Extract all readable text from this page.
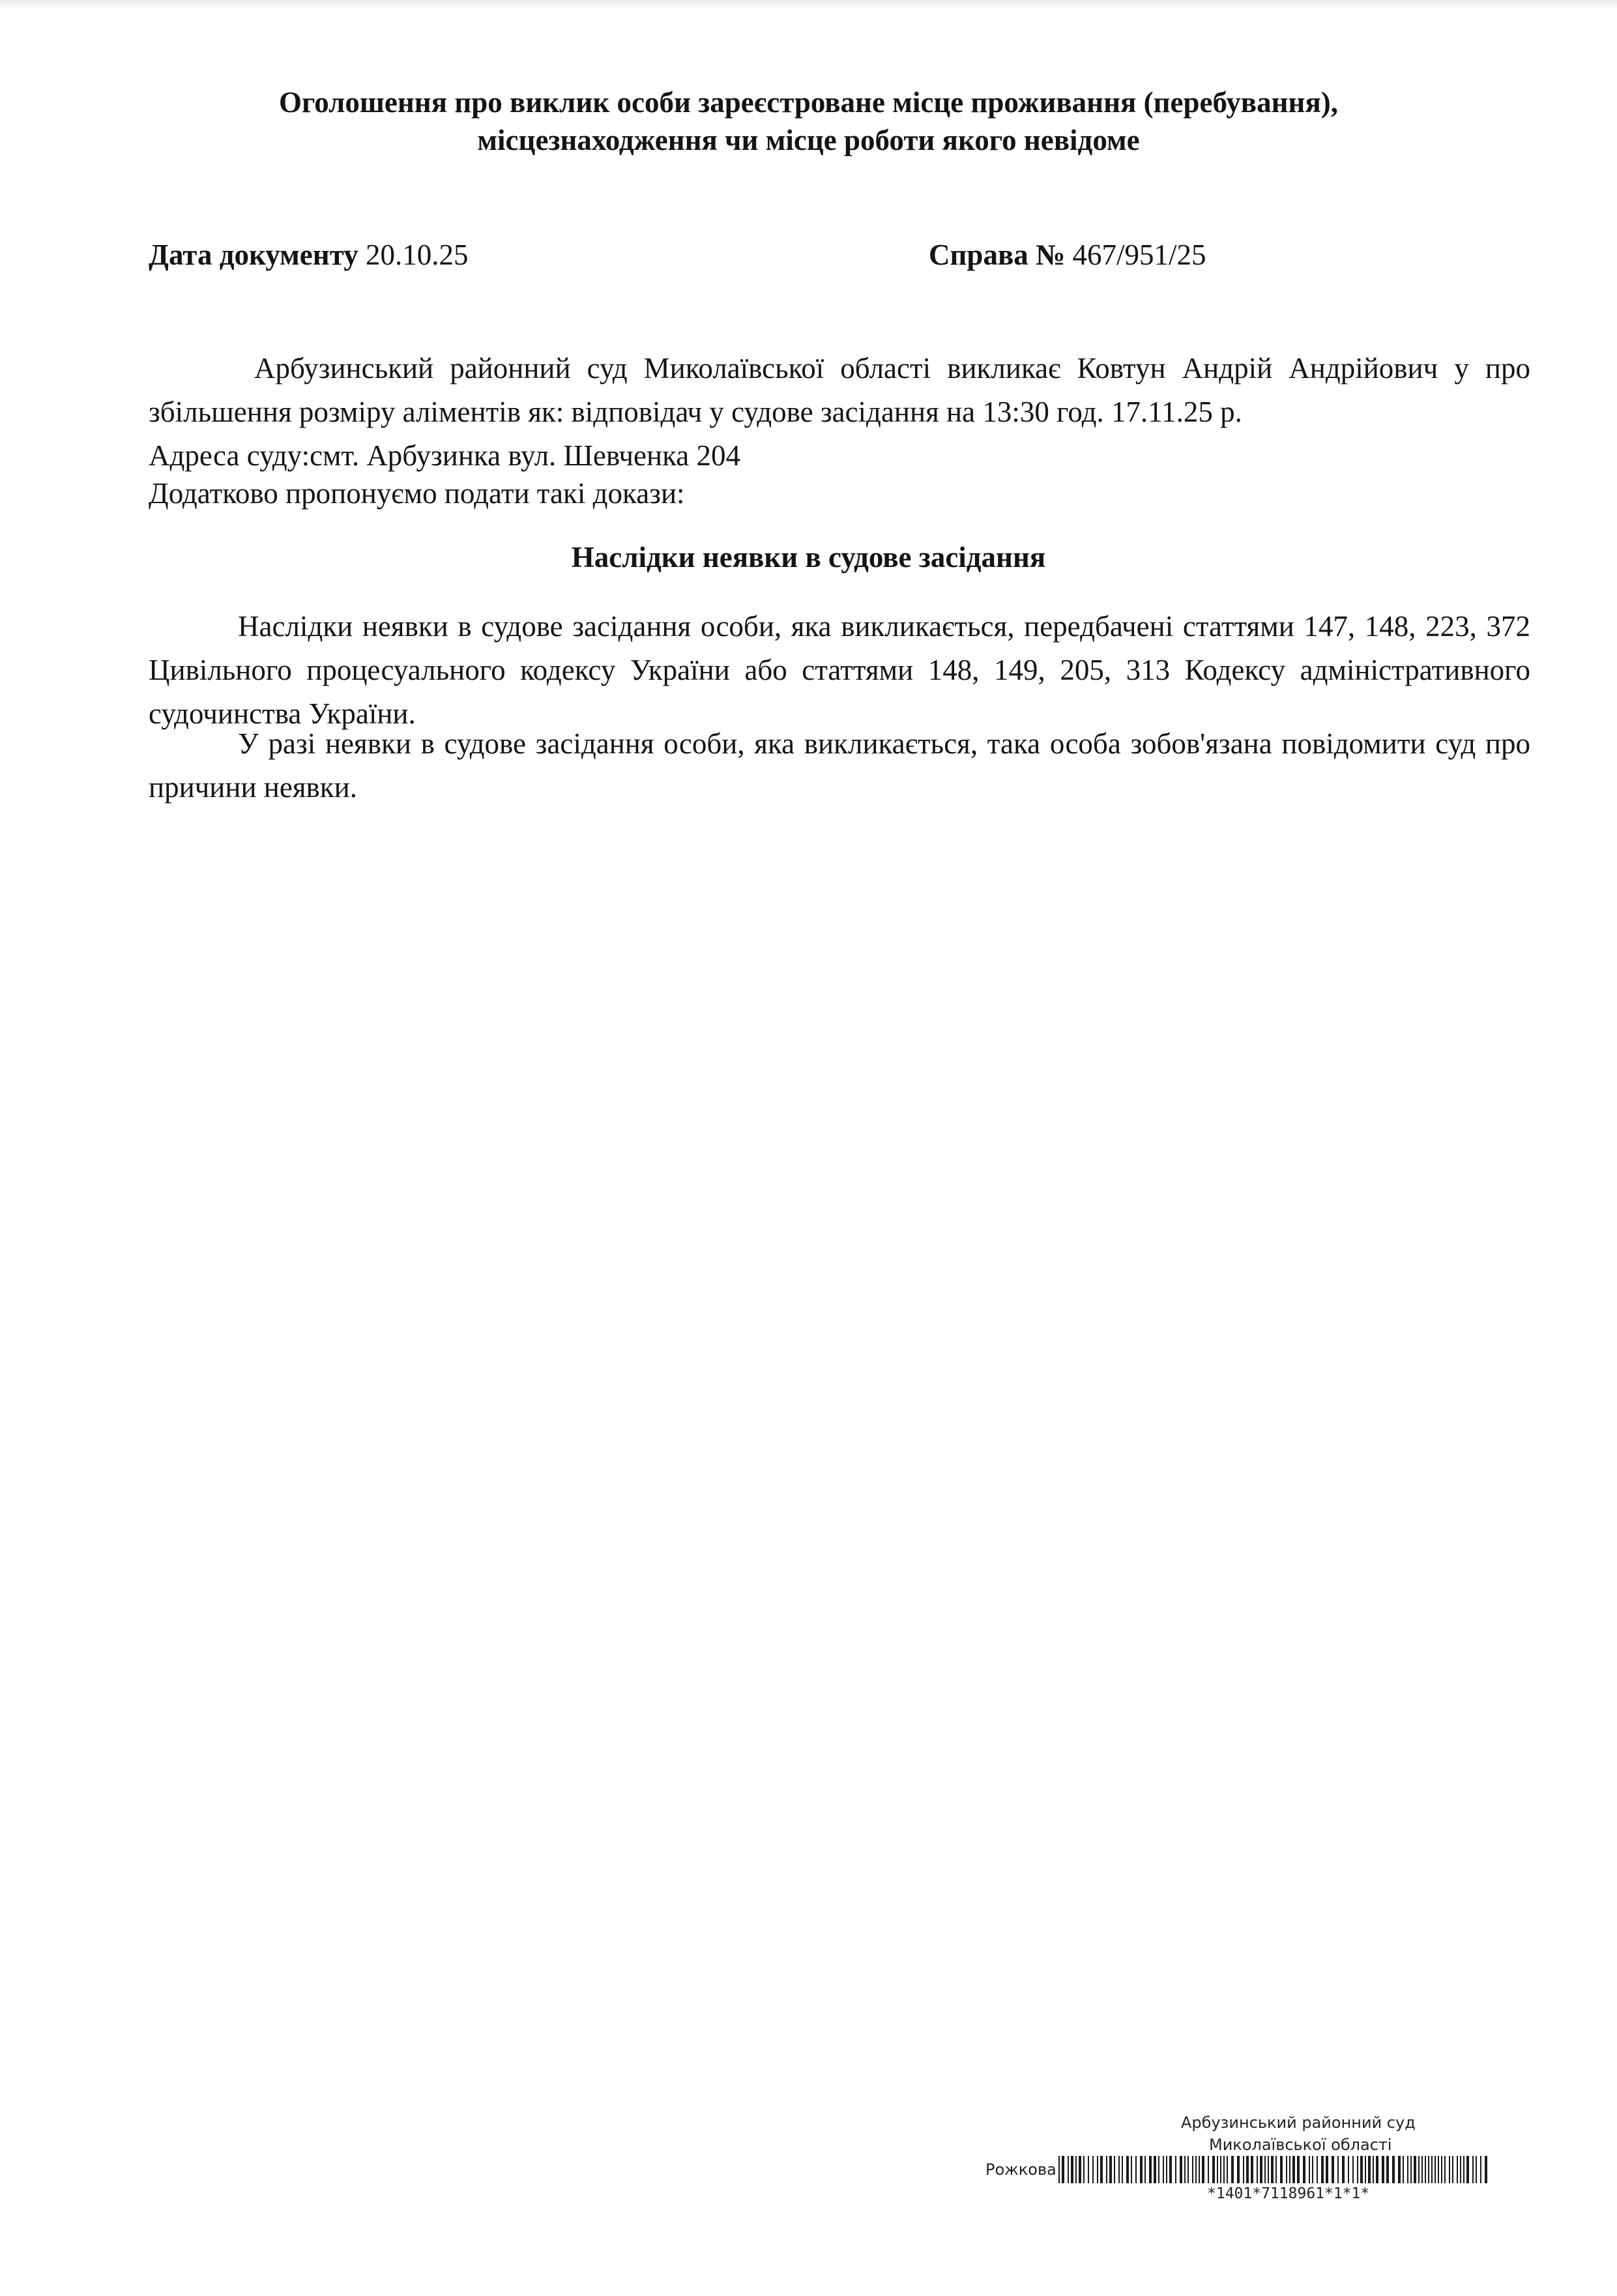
Оголошення про виклик особи зареєстроване місце проживання (перебування),
місцезнаходження чи місце роботи якого невідоме
Дата документу 20.10.25	Справа № 467/951/25
Арбузинський районний суд Миколаївської області викликає Ковтун Андрій Андрійович у про збільшення розміру аліментів як: відповідач у судове засідання на 13:30 год. 17.11.25 р.
Адреса суду:смт. Арбузинка вул. Шевченка 204
Додатково пропонуємо подати такі докази:
Наслідки неявки в судове засідання
Наслідки неявки в судове засідання особи, яка викликається, передбачені статтями 147, 148, 223, 372 Цивільного процесуального кодексу України або статтями 148, 149, 205, 313 Кодексу адміністративного судочинства України.
У разі неявки в судове засідання особи, яка викликається, така особа зобов'язана повідомити суд про причини неявки.
Арбузинський районний суд
Миколаївської області
Рожкова
*1401*7118961*1*1*
